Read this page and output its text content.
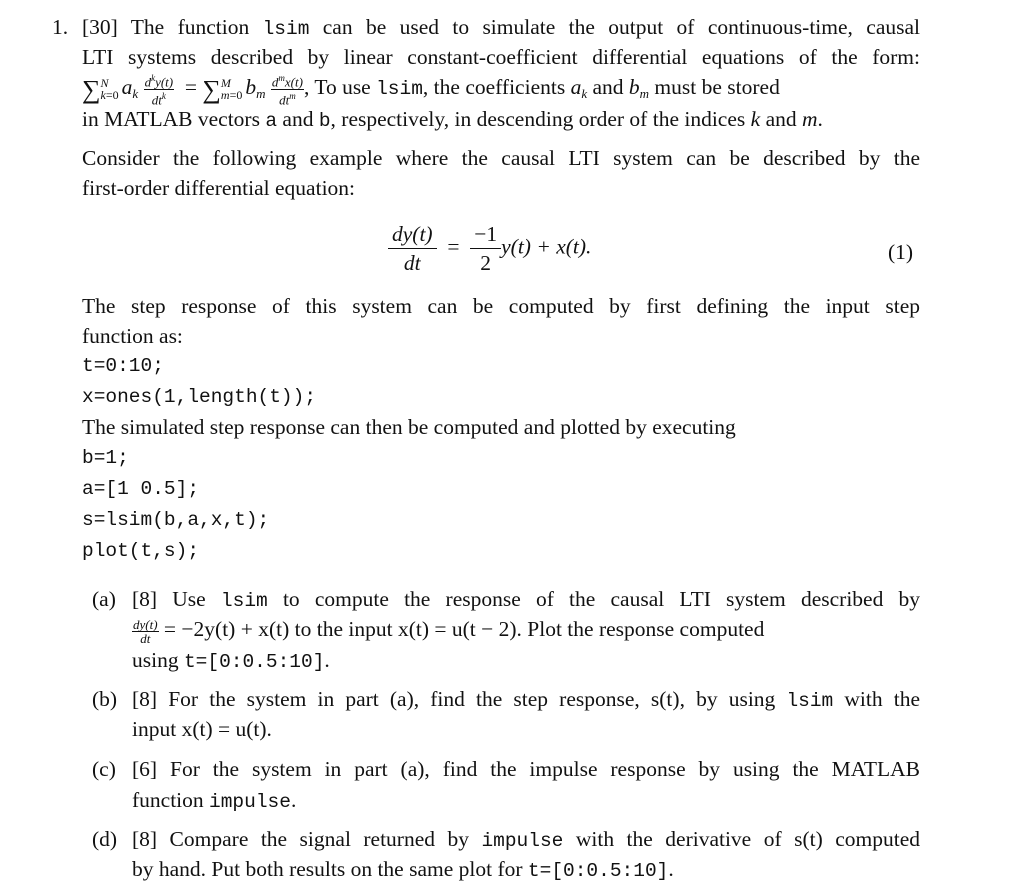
1. [30] The function lsim can be used to simulate the output of continuous-time, causal
LTI systems described by linear constant-coefficient differential equations of the form:
∑ N
k=0 $a_k \frac{d^ky(t)}{dt^k}$ = ∑ M
m=0 $b_m \frac{d^mx(t)}{dt^m}$ , To use lsim, the coefficients $a_k$ and $b_m$ must be stored
in MATLAB vectors a and b, respectively, in descending order of the indices k and m.
Consider the following example where the causal LTI system can be described by the
first-order differential equation:
$\frac{dy(t)}{dt} = \frac{-1}{2} y(t) + x(t)$.	(1)
The step response of this system can be computed by first defining the input step
function as:
t=0:10;
x=ones(1,length(t));
The simulated step response can then be computed and plotted by executing
b=1;
a=[1 0.5];
s=lsim(b,a,x,t);
plot(t,s);
(a) [8] Use lsim to compute the response of the causal LTI system described by
$\frac{dy(t)}{dt} = -2y(t) + x(t)$ to the input x(t) = u(t − 2). Plot the response computed
using t=[0:0.5:10].
(b) [8] For the system in part (a), find the step response, s(t), by using lsim with the
input x(t) = u(t).
(c) [6] For the system in part (a), find the impulse response by using the MATLAB
function impulse.
(d) [8] Compare the signal returned by impulse with the derivative of s(t) computed
by hand. Put both results on the same plot for t=[0:0.5:10].
